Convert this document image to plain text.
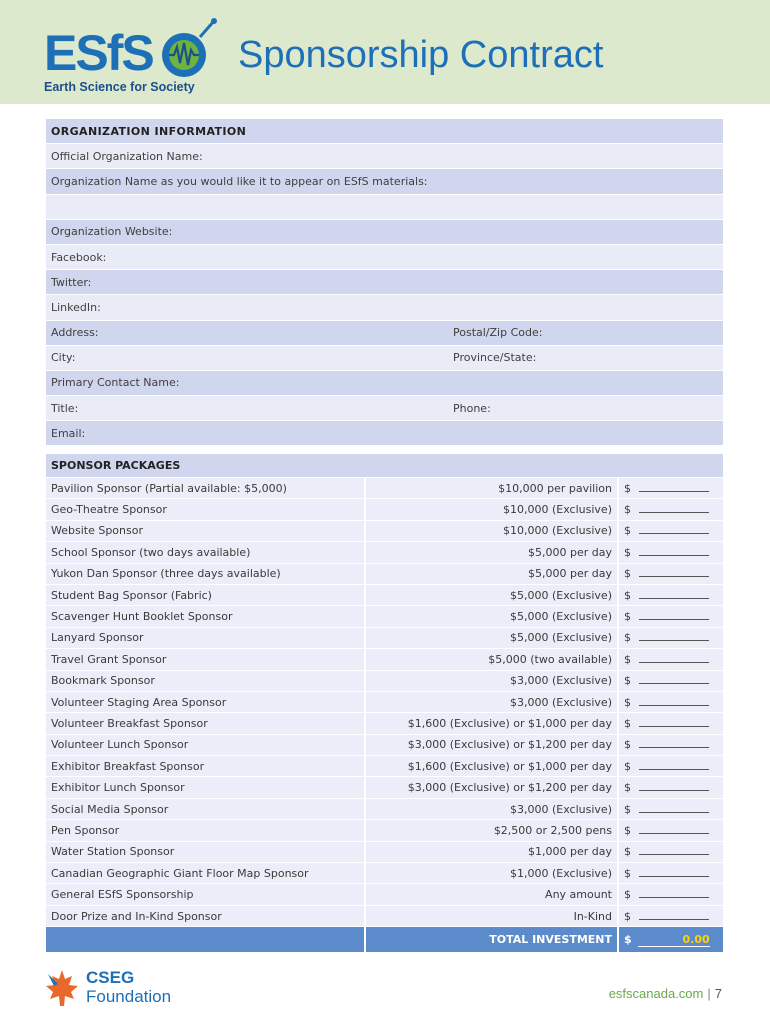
ESfS
Earth Science for Society
Sponsorship Contract
ORGANIZATION INFORMATION	
Official Organization Name:	
Organization Name as you would like it to appear on ESfS materials:	

Organization Website:	
Facebook:	
Twitter:	
LinkedIn:	
Address:	Postal/Zip Code:
City:	Province/State:
Primary Contact Name:	
Title:	Phone:
Email:	
SPONSOR PACKAGES		
Pavilion Sponsor (Partial available: $5,000)	$10,000 per pavilion	$
Geo-Theatre Sponsor	$10,000 (Exclusive)	$
Website Sponsor	$10,000 (Exclusive)	$
School Sponsor (two days available)	$5,000 per day	$
Yukon Dan Sponsor (three days available)	$5,000 per day	$
Student Bag Sponsor (Fabric)	$5,000 (Exclusive)	$
Scavenger Hunt Booklet Sponsor	$5,000 (Exclusive)	$
Lanyard Sponsor	$5,000 (Exclusive)	$
Travel Grant Sponsor	$5,000 (two available)	$
Bookmark Sponsor	$3,000 (Exclusive)	$
Volunteer Staging Area Sponsor	$3,000 (Exclusive)	$
Volunteer Breakfast Sponsor	$1,600 (Exclusive) or $1,000 per day	$
Volunteer Lunch Sponsor	$3,000 (Exclusive) or $1,200 per day	$
Exhibitor Breakfast Sponsor	$1,600 (Exclusive) or $1,000 per day	$
Exhibitor Lunch Sponsor	$3,000 (Exclusive) or $1,200 per day	$
Social Media Sponsor	$3,000 (Exclusive)	$
Pen Sponsor	$2,500 or 2,500 pens	$
Water Station Sponsor	$1,000 per day	$
Canadian Geographic Giant Floor Map Sponsor	$1,000 (Exclusive)	$
General ESfS Sponsorship	Any amount	$
Door Prize and In-Kind Sponsor	In-Kind	$
	TOTAL INVESTMENT	$ 0.00
CSEG
Foundation	esfscanada.com | 7
